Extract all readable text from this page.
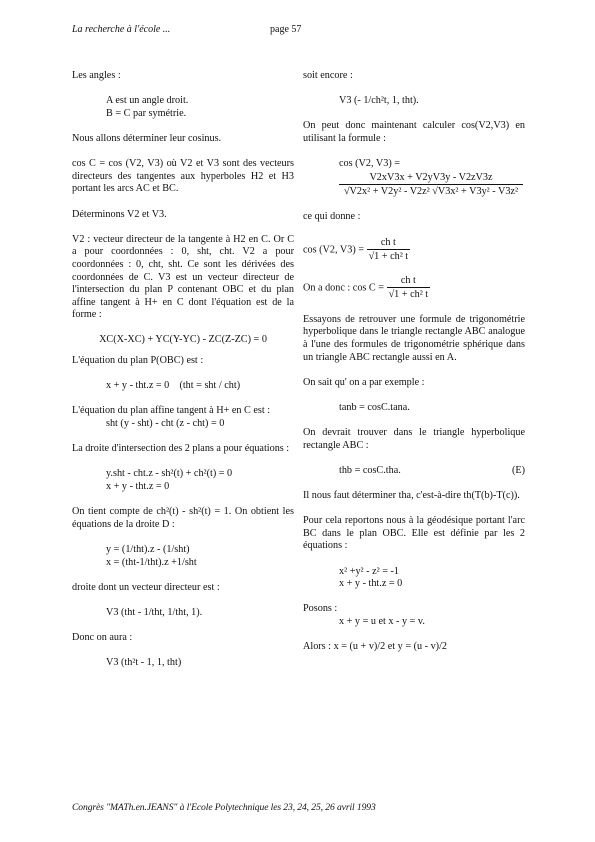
La recherche à l'école ...	page 57

Les angles :

A est un angle droit.

B = C par symétrie.

Nous allons déterminer leur cosinus.

cos C = cos (V2, V3) où V2 et V3 sont des vecteurs directeurs des tangentes aux hyperboles H2 et H3 portant les arcs AC et BC.

Déterminons V2 et V3.

V2 : vecteur directeur de la tangente à H2 en C. Or C a pour coordonnées : 0, sht, cht. V2 a pour coordonnées : 0, cht, sht. Ce sont les dérivées des coordonnées de C. V3 est un vecteur directeur de l'intersection du plan P contenant OBC et du plan affine tangent à H+ en C dont l'équation est de la forme :

XC(X-XC) + YC(Y-YC) - ZC(Z-ZC) = 0

L'équation du plan P(OBC) est :

x + y - tht.z = 0    (tht = sht / cht)

L'équation du plan affine tangent à H+ en C est :

sht (y - sht) - cht (z - cht) = 0

La droite d'intersection des 2 plans a pour équations :

y.sht - cht.z - sh²(t) + ch²(t) = 0

x + y - tht.z = 0

On tient compte de ch²(t) - sh²(t) = 1. On obtient les équations de la droite D :

y = (1/tht).z - (1/sht)

x = (tht-1/tht).z +1/sht

droite dont un vecteur directeur est :

V3 (tht - 1/tht, 1/tht, 1).

Donc on aura :

V3 (th²t - 1, 1, tht)

soit encore :

V3 (- 1/ch²t, 1, tht).

On peut donc maintenant calculer cos(V2,V3) en utilisant la formule :

cos (V2, V3) =

V2xV3x + V2yV3y - V2zV3z
√V2x² + V2y² - V2z² √V3x² + V3y² - V3z²

ce qui donne :

cos (V2, $V3) = \frac{\text{ch t}}{\text{√1 + ch² t}}$

On a donc : $\cos C = \frac{\text{ch t}}{\text{√1 + ch² t}}$

Essayons de retrouver une formule de trigonométrie hyperbolique dans le triangle rectangle ABC analogue à l'une des formules de trigonométrie sphérique dans un triangle ABC rectangle aussi en A.

On sait qu' on a par exemple :

tanb = cosC.tana.

On devrait trouver dans le triangle hyperbolique rectangle ABC :

thb = cosC.tha.	(E)

Il nous faut déterminer tha, c'est-à-dire th(T(b)-T(c)).

Pour cela reportons nous à la géodésique portant l'arc BC dans le plan OBC. Elle est définie par les 2 équations :

x² +y² - z² = -1

x + y - tht.z = 0

Posons :

x + y = u et x - y = v.

Alors : x = (u + v)/2 et y = (u - v)/2

Congrès "MATh.en.JEANS" à l'Ecole Polytechnique les 23, 24, 25, 26 avril 1993
